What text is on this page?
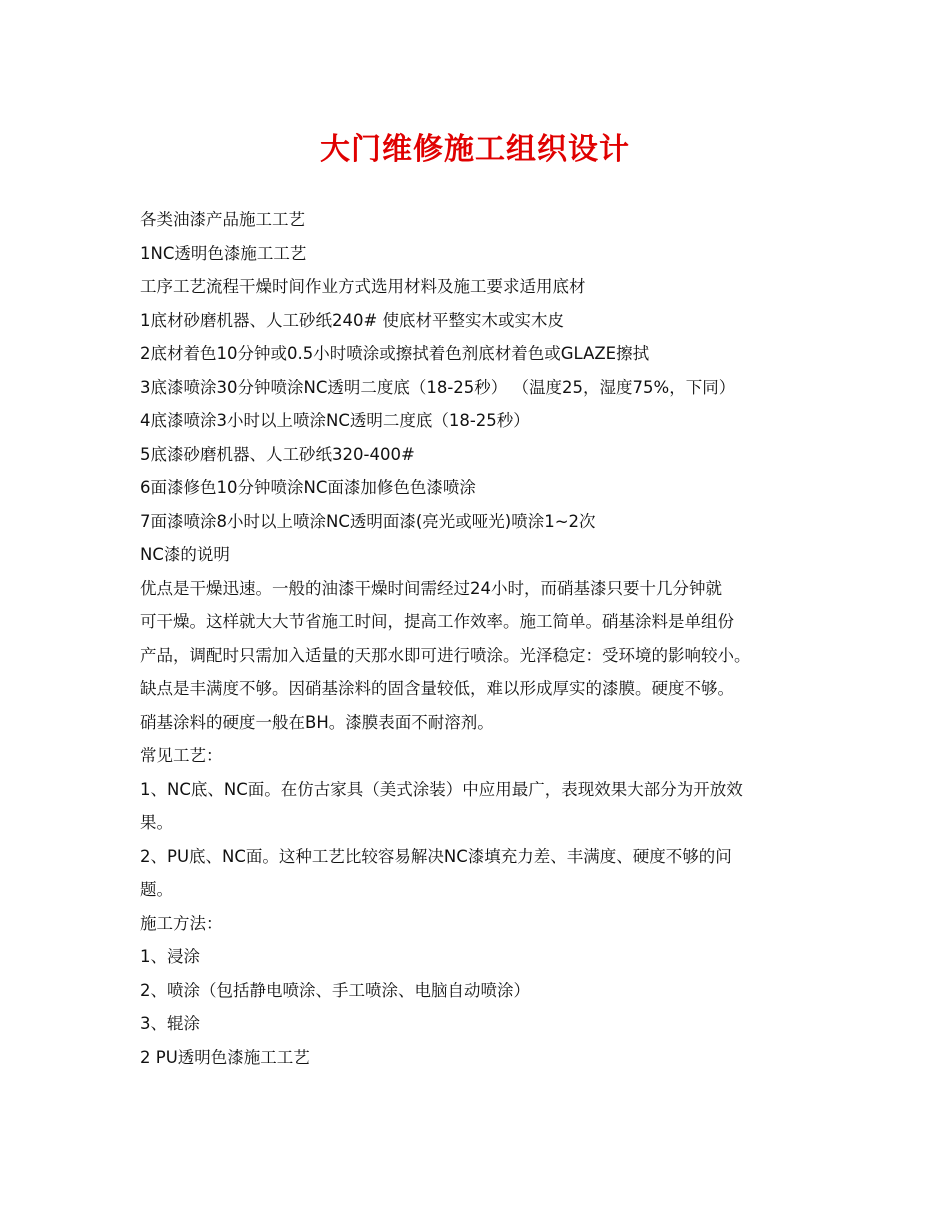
大门维修施工组织设计
各类油漆产品施工工艺
1NC透明色漆施工工艺
工序工艺流程干燥时间作业方式选用材料及施工要求适用底材
1底材砂磨机器、人工砂纸240# 使底材平整实木或实木皮
2底材着色10分钟或0.5小时喷涂或擦拭着色剂底材着色或GLAZE擦拭
3底漆喷涂30分钟喷涂NC透明二度底（18-25秒） （温度25，湿度75%，下同）
4底漆喷涂3小时以上喷涂NC透明二度底（18-25秒）
5底漆砂磨机器、人工砂纸320-400#
6面漆修色10分钟喷涂NC面漆加修色色漆喷涂
7面漆喷涂8小时以上喷涂NC透明面漆(亮光或哑光)喷涂1~2次
NC漆的说明
优点是干燥迅速。一般的油漆干燥时间需经过24小时，而硝基漆只要十几分钟就
可干燥。这样就大大节省施工时间，提高工作效率。施工简单。硝基涂料是单组份
产品，调配时只需加入适量的天那水即可进行喷涂。光泽稳定：受环境的影响较小。
缺点是丰满度不够。因硝基涂料的固含量较低，难以形成厚实的漆膜。硬度不够。
硝基涂料的硬度一般在BH。漆膜表面不耐溶剂。
常见工艺：
1、NC底、NC面。在仿古家具（美式涂装）中应用最广，表现效果大部分为开放效
果。
2、PU底、NC面。这种工艺比较容易解决NC漆填充力差、丰满度、硬度不够的问
题。
施工方法：
1、浸涂
2、喷涂（包括静电喷涂、手工喷涂、电脑自动喷涂）
3、辊涂
2 PU透明色漆施工工艺
